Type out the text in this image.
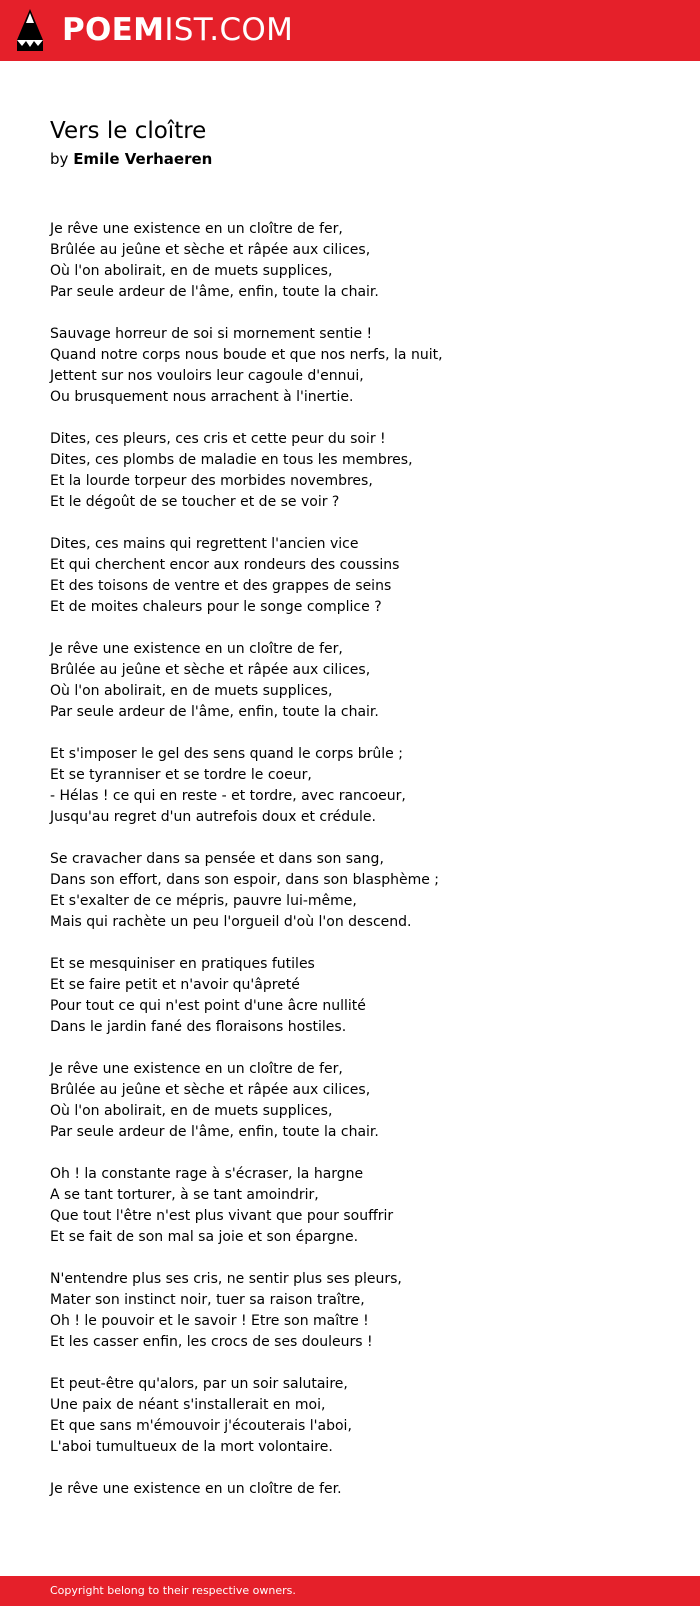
POEMIST.COM
Vers le cloître
by Emile Verhaeren
Je rêve une existence en un cloître de fer,
Brûlée au jeûne et sèche et râpée aux cilices,
Où l'on abolirait, en de muets supplices,
Par seule ardeur de l'âme, enfin, toute la chair.
Sauvage horreur de soi si mornement sentie !
Quand notre corps nous boude et que nos nerfs, la nuit,
Jettent sur nos vouloirs leur cagoule d'ennui,
Ou brusquement nous arrachent à l'inertie.
Dites, ces pleurs, ces cris et cette peur du soir !
Dites, ces plombs de maladie en tous les membres,
Et la lourde torpeur des morbides novembres,
Et le dégoût de se toucher et de se voir ?
Dites, ces mains qui regrettent l'ancien vice
Et qui cherchent encor aux rondeurs des coussins
Et des toisons de ventre et des grappes de seins
Et de moites chaleurs pour le songe complice ?
Je rêve une existence en un cloître de fer,
Brûlée au jeûne et sèche et râpée aux cilices,
Où l'on abolirait, en de muets supplices,
Par seule ardeur de l'âme, enfin, toute la chair.
Et s'imposer le gel des sens quand le corps brûle ;
Et se tyranniser et se tordre le coeur,
- Hélas ! ce qui en reste - et tordre, avec rancoeur,
Jusqu'au regret d'un autrefois doux et crédule.
Se cravacher dans sa pensée et dans son sang,
Dans son effort, dans son espoir, dans son blasphème ;
Et s'exalter de ce mépris, pauvre lui-même,
Mais qui rachète un peu l'orgueil d'où l'on descend.
Et se mesquiniser en pratiques futiles
Et se faire petit et n'avoir qu'âpreté
Pour tout ce qui n'est point d'une âcre nullité
Dans le jardin fané des floraisons hostiles.
Je rêve une existence en un cloître de fer,
Brûlée au jeûne et sèche et râpée aux cilices,
Où l'on abolirait, en de muets supplices,
Par seule ardeur de l'âme, enfin, toute la chair.
Oh ! la constante rage à s'écraser, la hargne
A se tant torturer, à se tant amoindrir,
Que tout l'être n'est plus vivant que pour souffrir
Et se fait de son mal sa joie et son épargne.
N'entendre plus ses cris, ne sentir plus ses pleurs,
Mater son instinct noir, tuer sa raison traître,
Oh ! le pouvoir et le savoir ! Etre son maître !
Et les casser enfin, les crocs de ses douleurs !
Et peut-être qu'alors, par un soir salutaire,
Une paix de néant s'installerait en moi,
Et que sans m'émouvoir j'écouterais l'aboi,
L'aboi tumultueux de la mort volontaire.
Je rêve une existence en un cloître de fer.
Copyright belong to their respective owners.
